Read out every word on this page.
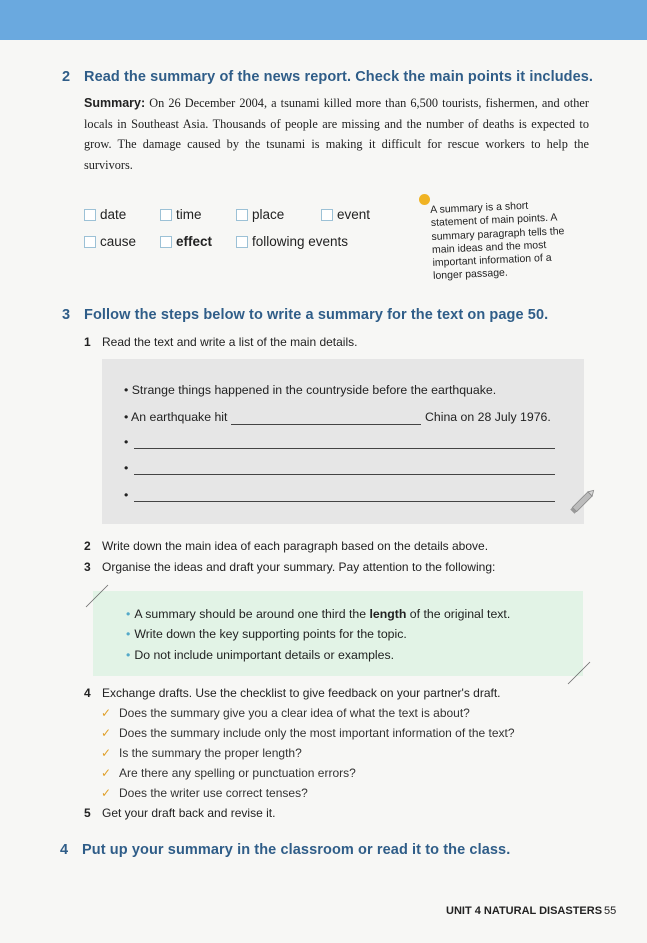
2 Read the summary of the news report. Check the main points it includes.
Summary: On 26 December 2004, a tsunami killed more than 6,500 tourists, fishermen, and other locals in Southeast Asia. Thousands of people are missing and the number of deaths is expected to grow. The damage caused by the tsunami is making it difficult for rescue workers to help the survivors.
date	time	place	event
cause	effect	following events
A summary is a short statement of main points. A summary paragraph tells the main ideas and the most important information of a longer passage.
3 Follow the steps below to write a summary for the text on page 50.
1 Read the text and write a list of the main details.
• Strange things happened in the countryside before the earthquake.
• An earthquake hit	China on 28 July 1976.
•
•
•
2 Write down the main idea of each paragraph based on the details above.
3 Organise the ideas and draft your summary. Pay attention to the following:
• A summary should be around one third the length of the original text.
• Write down the key supporting points for the topic.
• Do not include unimportant details or examples.
4 Exchange drafts. Use the checklist to give feedback on your partner's draft.
✓ Does the summary give you a clear idea of what the text is about?
✓ Does the summary include only the most important information of the text?
✓ Is the summary the proper length?
✓ Are there any spelling or punctuation errors?
✓ Does the writer use correct tenses?
5 Get your draft back and revise it.
4 Put up your summary in the classroom or read it to the class.
UNIT 4 NATURAL DISASTERS 55
